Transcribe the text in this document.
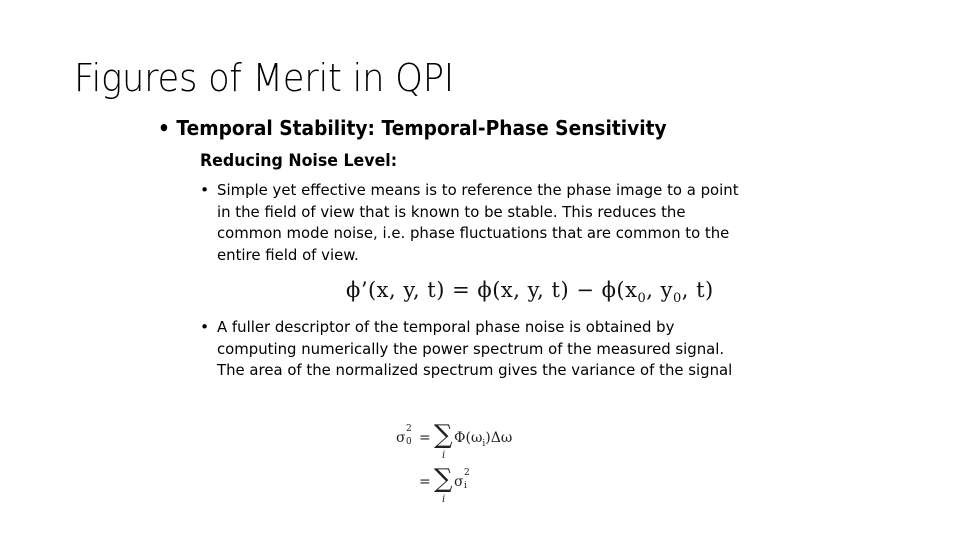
Figures of Merit in QPI
• Temporal Stability: Temporal-Phase Sensitivity
Reducing Noise Level:
• Simple yet effective means is to reference the phase image to a point in the field of view that is known to be stable. This reduces the common mode noise, i.e. phase fluctuations that are common to the entire field of view.
ϕ’(x, y, t) = ϕ(x, y, $t) - \phi(x_0$, $y_0$, t)
• A fuller descriptor of the temporal phase noise is obtained by computing numerically the power spectrum of the measured signal. The area of the normalized spectrum gives the variance of the signal
σ
2
0 = ∑
i
$\Phi(\omega_i)\Delta\omega$
= ∑
i
σ
2
i
